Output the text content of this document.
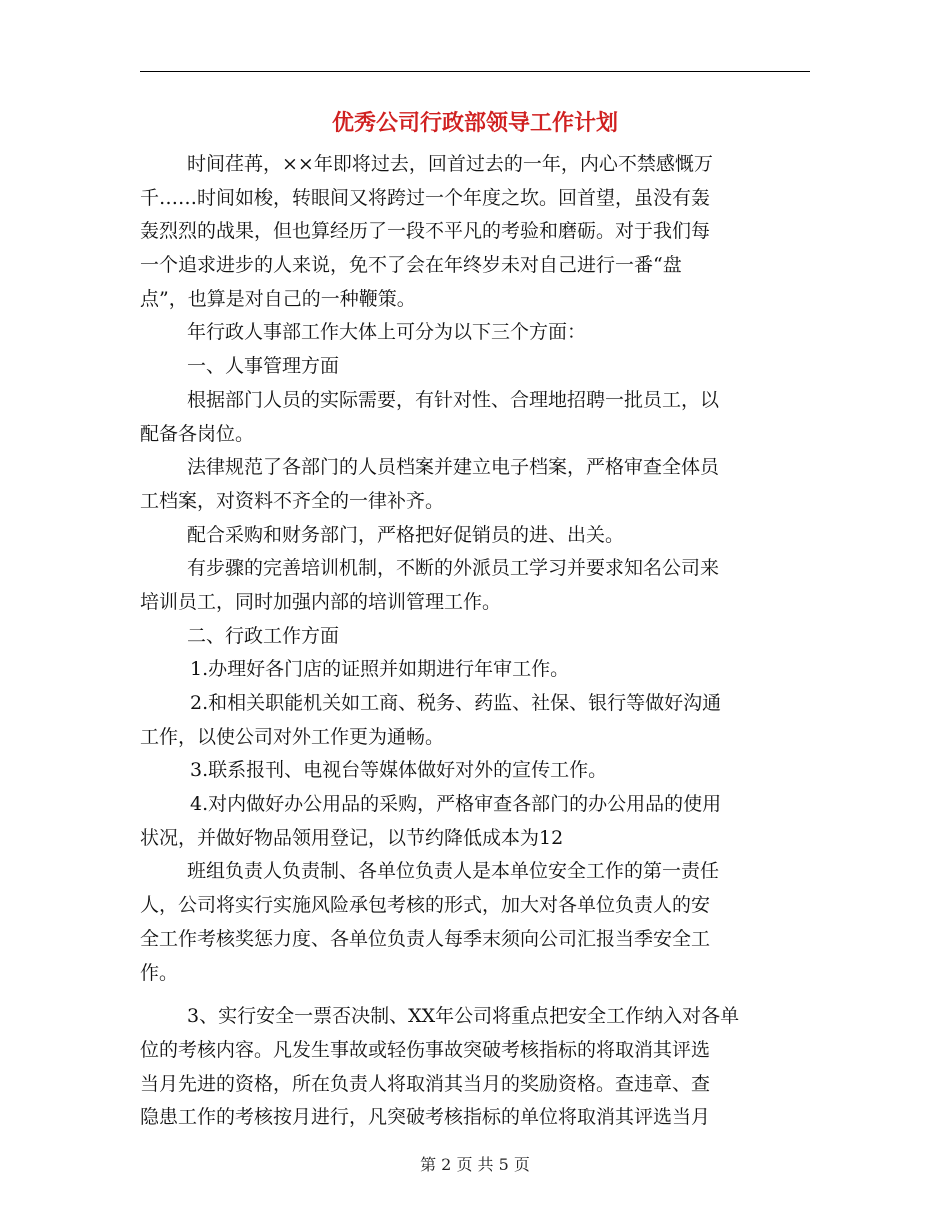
优秀公司行政部领导工作计划
时间荏苒，××年即将过去，回首过去的一年，内心不禁感慨万
千……时间如梭，转眼间又将跨过一个年度之坎。回首望，虽没有轰
轰烈烈的战果，但也算经历了一段不平凡的考验和磨砺。对于我们每
一个追求进步的人来说，免不了会在年终岁未对自己进行一番“盘
点”，也算是对自己的一种鞭策。
年行政人事部工作大体上可分为以下三个方面：
一、人事管理方面
根据部门人员的实际需要，有针对性、合理地招聘一批员工，以
配备各岗位。
法律规范了各部门的人员档案并建立电子档案，严格审查全体员
工档案，对资料不齐全的一律补齐。
配合采购和财务部门，严格把好促销员的进、出关。
有步骤的完善培训机制，不断的外派员工学习并要求知名公司来
培训员工，同时加强内部的培训管理工作。
二、行政工作方面
1.办理好各门店的证照并如期进行年审工作。
2.和相关职能机关如工商、税务、药监、社保、银行等做好沟通
工作，以使公司对外工作更为通畅。
3.联系报刊、电视台等媒体做好对外的宣传工作。
4.对内做好办公用品的采购，严格审查各部门的办公用品的使用
状况，并做好物品领用登记，以节约降低成本为12
班组负责人负责制、各单位负责人是本单位安全工作的第一责任
人，公司将实行实施风险承包考核的形式，加大对各单位负责人的安
全工作考核奖惩力度、各单位负责人每季末须向公司汇报当季安全工
作。
3、实行安全一票否决制、XX年公司将重点把安全工作纳入对各单
位的考核内容。凡发生事故或轻伤事故突破考核指标的将取消其评选
当月先进的资格，所在负责人将取消其当月的奖励资格。查违章、查
隐患工作的考核按月进行，凡突破考核指标的单位将取消其评选当月
第 2 页 共 5 页
